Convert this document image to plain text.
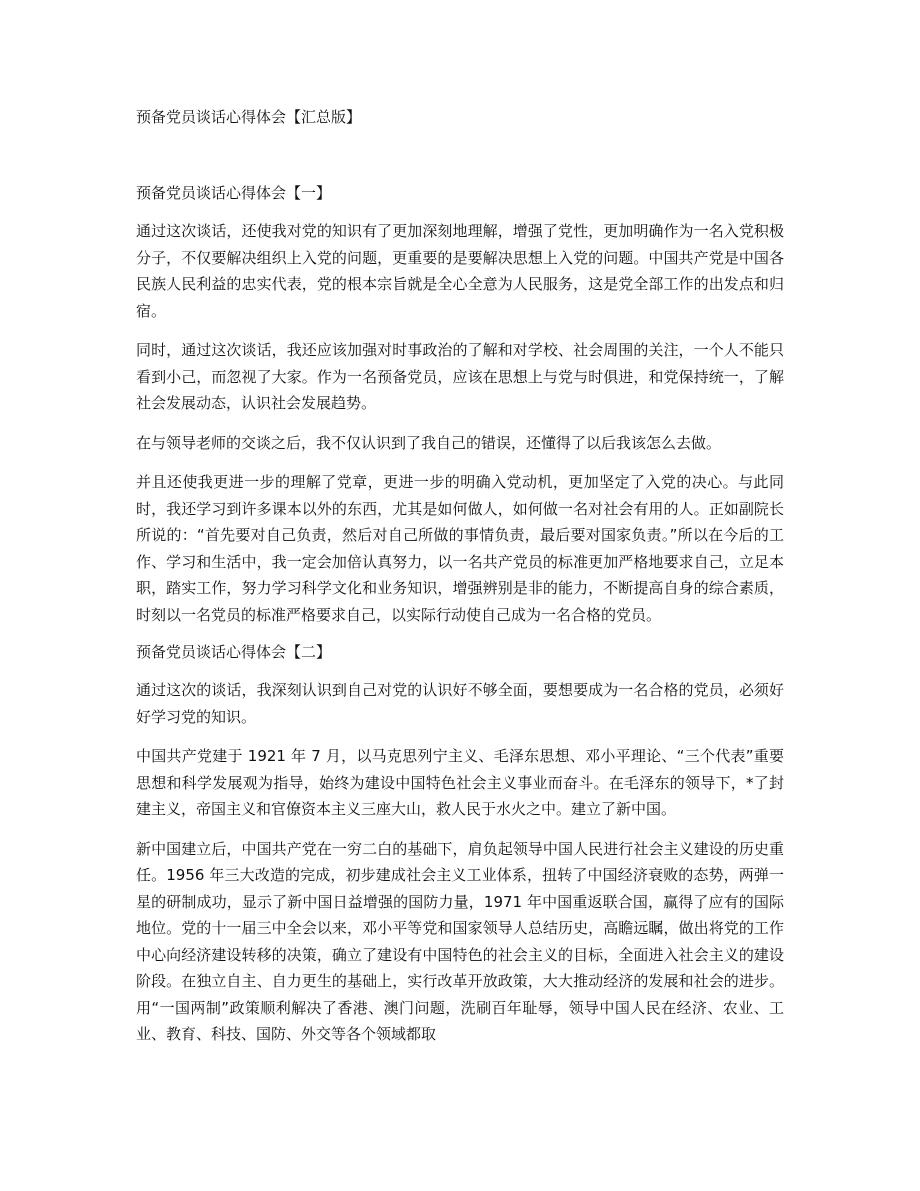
预备党员谈话心得体会【汇总版】
预备党员谈话心得体会【一】

通过这次谈话，还使我对党的知识有了更加深刻地理解，增强了党性，更加明确作为一名入党积极分子，不仅要解决组织上入党的问题，更重要的是要解决思想上入党的问题。中国共产党是中国各民族人民利益的忠实代表，党的根本宗旨就是全心全意为人民服务，这是党全部工作的出发点和归宿。

同时，通过这次谈话，我还应该加强对时事政治的了解和对学校、社会周围的关注，一个人不能只看到小己，而忽视了大家。作为一名预备党员，应该在思想上与党与时俱进，和党保持统一，了解社会发展动态，认识社会发展趋势。

在与领导老师的交谈之后，我不仅认识到了我自己的错误，还懂得了以后我该怎么去做。

并且还使我更进一步的理解了党章，更进一步的明确入党动机，更加坚定了入党的决心。与此同时，我还学习到许多课本以外的东西，尤其是如何做人，如何做一名对社会有用的人。正如副院长所说的：“首先要对自己负责，然后对自己所做的事情负责，最后要对国家负责。”所以在今后的工作、学习和生活中，我一定会加倍认真努力，以一名共产党员的标准更加严格地要求自己，立足本职，踏实工作，努力学习科学文化和业务知识，增强辨别是非的能力，不断提高自身的综合素质，时刻以一名党员的标准严格要求自己，以实际行动使自己成为一名合格的党员。

预备党员谈话心得体会【二】

通过这次的谈话，我深刻认识到自己对党的认识好不够全面，要想要成为一名合格的党员，必须好好学习党的知识。

中国共产党建于 1921 年 7 月，以马克思列宁主义、毛泽东思想、邓小平理论、“三个代表”重要思想和科学发展观为指导，始终为建设中国特色社会主义事业而奋斗。在毛泽东的领导下，*了封建主义，帝国主义和官僚资本主义三座大山，救人民于水火之中。建立了新中国。

新中国建立后，中国共产党在一穷二白的基础下，肩负起领导中国人民进行社会主义建设的历史重任。1956 年三大改造的完成，初步建成社会主义工业体系，扭转了中国经济衰败的态势，两弹一星的研制成功，显示了新中国日益增强的国防力量，1971 年中国重返联合国，赢得了应有的国际地位。党的十一届三中全会以来，邓小平等党和国家领导人总结历史，高瞻远瞩，做出将党的工作中心向经济建设转移的决策，确立了建设有中国特色的社会主义的目标，全面进入社会主义的建设阶段。在独立自主、自力更生的基础上，实行改革开放政策，大大推动经济的发展和社会的进步。用“一国两制”政策顺利解决了香港、澳门问题，洗刷百年耻辱，领导中国人民在经济、农业、工业、教育、科技、国防、外交等各个领域都取
